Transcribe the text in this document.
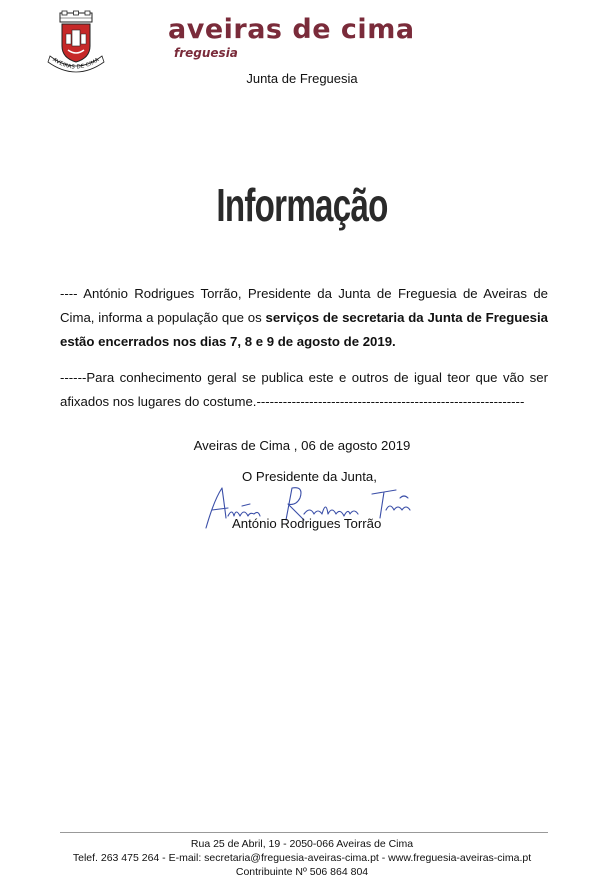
AVEIRAS DE CIMA
aveiras de cima
freguesia
Junta de Freguesia
Informação
---- António Rodrigues Torrão, Presidente da Junta de Freguesia de Aveiras de Cima, informa a população que os serviços de secretaria da Junta de Freguesia estão encerrados nos dias 7, 8 e 9 de agosto de 2019.
------Para conhecimento geral se publica este e outros de igual teor que vão ser afixados nos lugares do costume.-------------------------------------------------------------
Aveiras de Cima , 06 de agosto 2019
O Presidente da Junta,
António Rodrigues Torrão
Rua 25 de Abril, 19 - 2050-066 Aveiras de Cima
Telef. 263 475 264 - E-mail: secretaria@freguesia-aveiras-cima.pt - www.freguesia-aveiras-cima.pt
Contribuinte Nº 506 864 804
